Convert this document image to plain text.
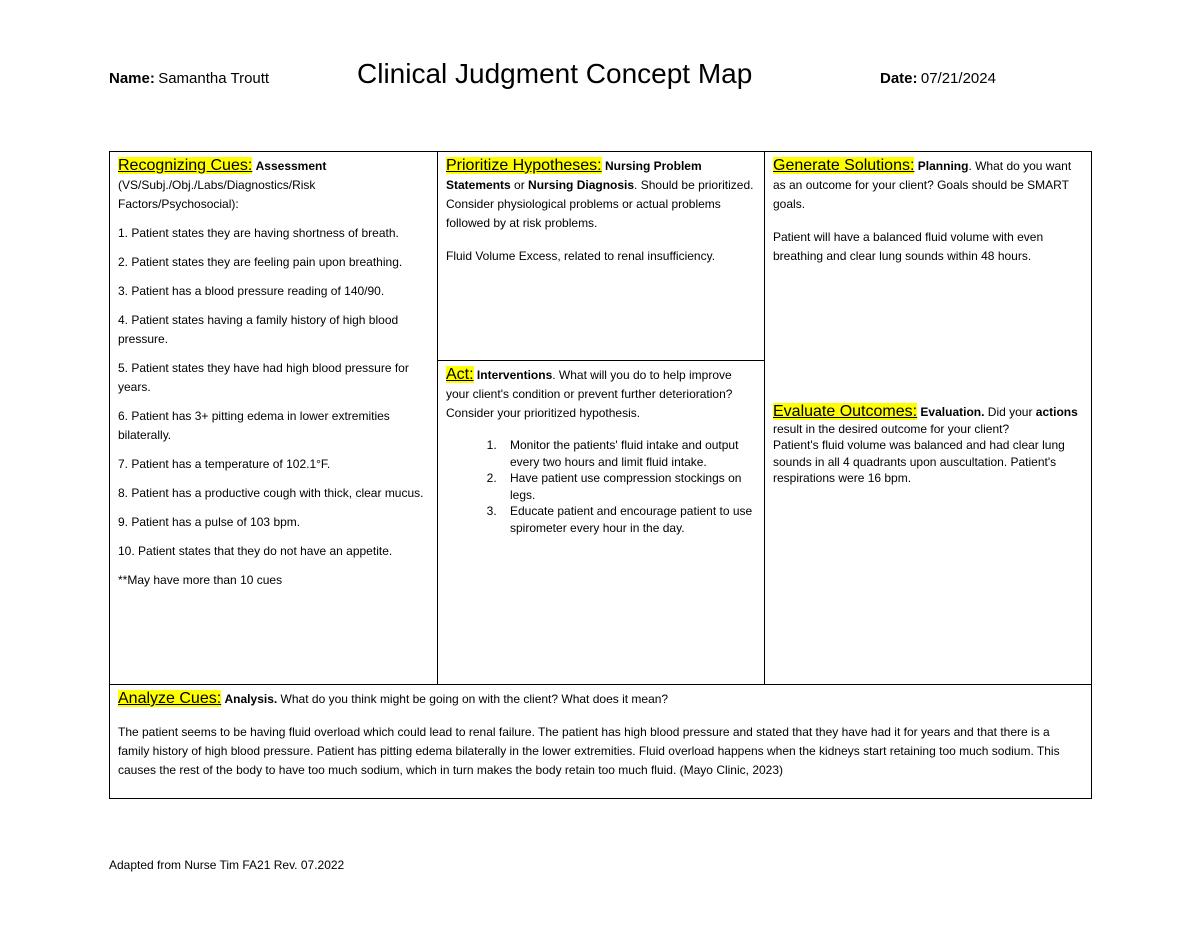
Name: Samantha Troutt	Clinical Judgment Concept Map	Date: 07/21/2024

Recognizing Cues: Assessment

(VS/Subj./Obj./Labs/Diagnostics/Risk Factors/Psychosocial):

1. Patient states they are having shortness of breath.

2. Patient states they are feeling pain upon breathing.

3. Patient has a blood pressure reading of 140/90.

4. Patient states having a family history of high blood pressure.

5. Patient states they have had high blood pressure for years.

6. Patient has 3+ pitting edema in lower extremities bilaterally.

7. Patient has a temperature of 102.1°F.

8. Patient has a productive cough with thick, clear mucus.

9. Patient has a pulse of 103 bpm.

10. Patient states that they do not have an appetite.

**May have more than 10 cues

Prioritize Hypotheses: Nursing Problem Statements or Nursing Diagnosis. Should be prioritized. Consider physiological problems or actual problems followed by at risk problems.

Fluid Volume Excess, related to renal insufficiency.

Act: Interventions. What will you do to help improve your client's condition or prevent further deterioration? Consider your prioritized hypothesis.

1. Monitor the patients' fluid intake and output every two hours and limit fluid intake.
2. Have patient use compression stockings on legs.
3. Educate patient and encourage patient to use spirometer every hour in the day.

Generate Solutions: Planning. What do you want as an outcome for your client? Goals should be SMART goals.

Patient will have a balanced fluid volume with even breathing and clear lung sounds within 48 hours.

Evaluate Outcomes: Evaluation. Did your actions result in the desired outcome for your client?

Patient's fluid volume was balanced and had clear lung sounds in all 4 quadrants upon auscultation. Patient's respirations were 16 bpm.

Analyze Cues: Analysis. What do you think might be going on with the client? What does it mean?

The patient seems to be having fluid overload which could lead to renal failure. The patient has high blood pressure and stated that they have had it for years and that there is a family history of high blood pressure. Patient has pitting edema bilaterally in the lower extremities. Fluid overload happens when the kidneys start retaining too much sodium. This causes the rest of the body to have too much sodium, which in turn makes the body retain too much fluid. (Mayo Clinic, 2023)

Adapted from Nurse Tim FA21 Rev. 07.2022
